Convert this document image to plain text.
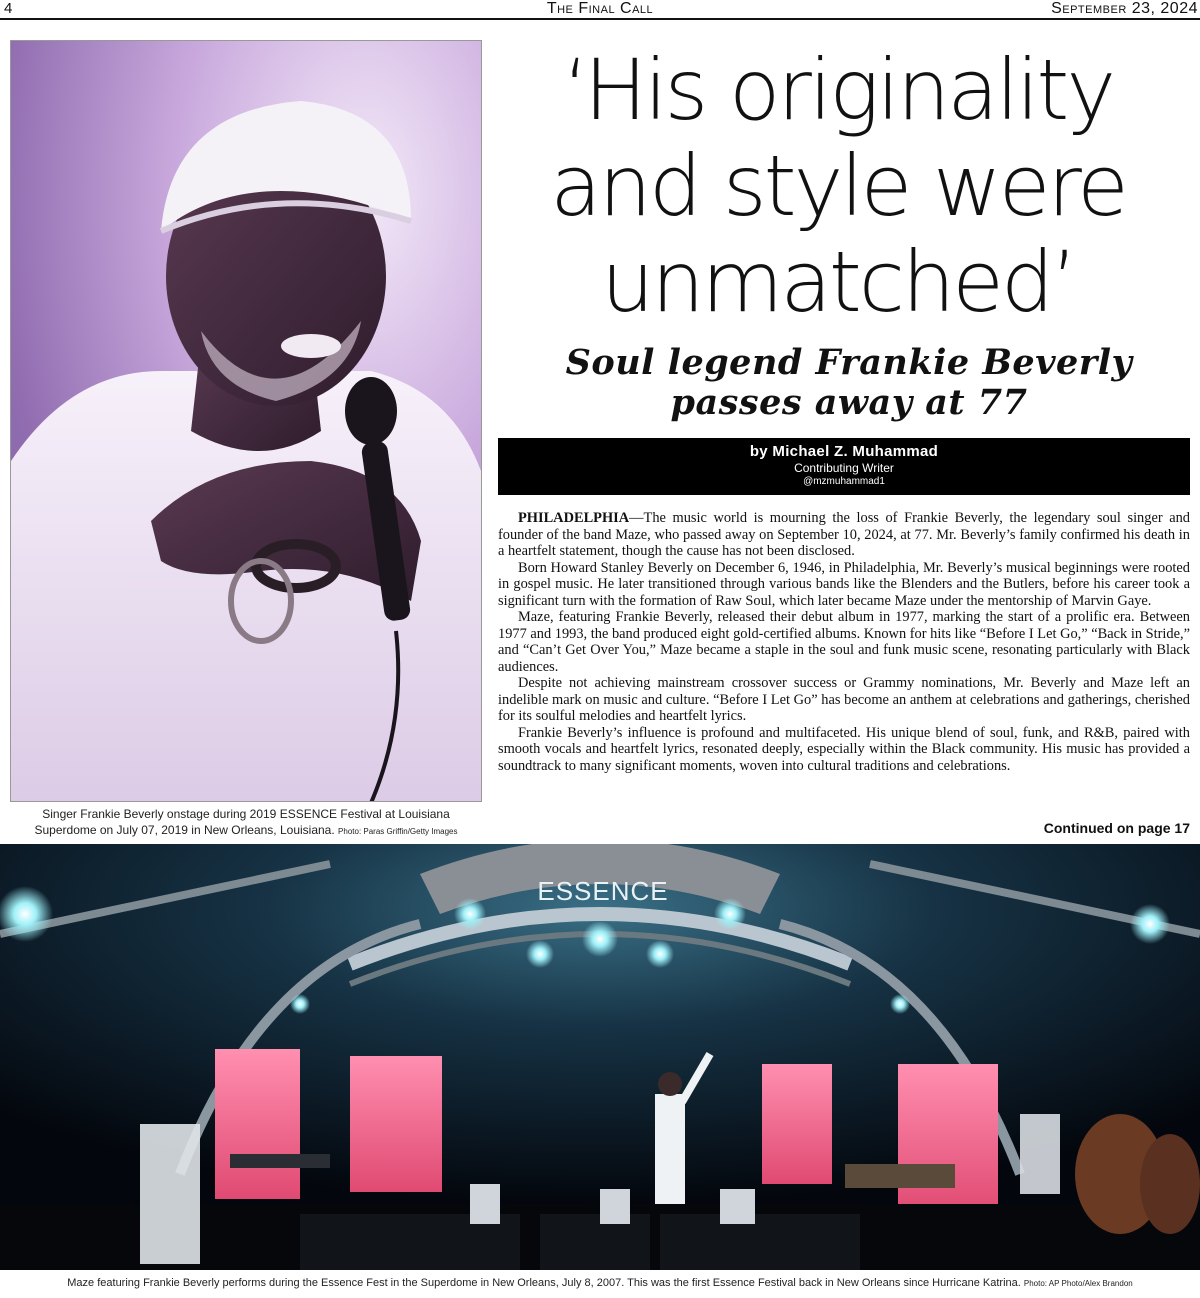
4	The Final Call	September 23, 2024
Singer Frankie Beverly onstage during 2019 ESSENCE Festival at Louisiana Superdome on July 07, 2019 in New Orleans, Louisiana. Photo: Paras Griffin/Getty Images
‘His originality
and style were
unmatched’
Soul legend Frankie Beverly
passes away at 77
by Michael Z. Muhammad
Contributing Writer
@mzmuhammad1

PHILADELPHIA—The music world is mourning the loss of Frankie Beverly, the legendary soul singer and founder of the band Maze, who passed away on September 10, 2024, at 77. Mr. Beverly’s family confirmed his death in a heartfelt statement, though the cause has not been disclosed.

Born Howard Stanley Beverly on December 6, 1946, in Philadelphia, Mr. Beverly’s musical beginnings were rooted in gospel music. He later transitioned through various bands like the Blenders and the Butlers, before his career took a significant turn with the formation of Raw Soul, which later became Maze under the mentorship of Marvin Gaye.

Maze, featuring Frankie Beverly, released their debut album in 1977, marking the start of a prolific era. Between 1977 and 1993, the band produced eight gold-certified albums. Known for hits like “Before I Let Go,” “Back in Stride,” and “Can’t Get Over You,” Maze became a staple in the soul and funk music scene, resonating particularly with Black audiences.

Despite not achieving mainstream crossover success or Grammy nominations, Mr. Beverly and Maze left an indelible mark on music and culture. “Before I Let Go” has become an anthem at celebrations and gatherings, cherished for its soulful melodies and heartfelt lyrics.

Frankie Beverly’s influence is profound and multifaceted. His unique blend of soul, funk, and R&B, paired with smooth vocals and heartfelt lyrics, resonated deeply, especially within the Black community. His music has provided a soundtrack to many significant moments, woven into cultural traditions and celebrations.

Continued on page 17
ESSENCE
Maze featuring Frankie Beverly performs during the Essence Fest in the Superdome in New Orleans, July 8, 2007. This was the first Essence Festival back in New Orleans since Hurricane Katrina. Photo: AP Photo/Alex Brandon
